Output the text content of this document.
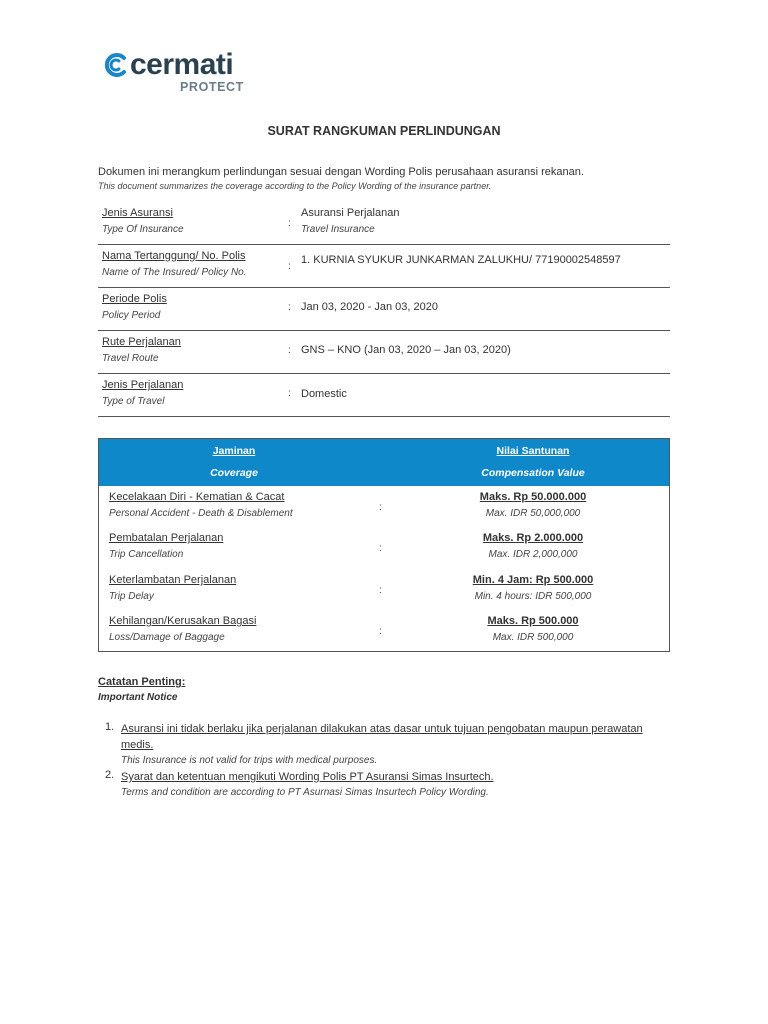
cermati
PROTECT
SURAT RANGKUMAN PERLINDUNGAN
Dokumen ini merangkum perlindungan sesuai dengan Wording Polis perusahaan asuransi rekanan.
This document summarizes the coverage according to the Policy Wording of the insurance partner.
Jenis Asuransi
Type Of Insurance
:
Asuransi Perjalanan
Travel Insurance
Nama Tertanggung/ No. Polis
Name of The Insured/ Policy No.
:
1. KURNIA SYUKUR JUNKARMAN ZALUKHU/ 77190002548597
Periode Polis
Policy Period
: Jan 03, 2020 - Jan 03, 2020
Rute Perjalanan
Travel Route
: GNS – KNO (Jan 03, 2020 – Jan 03, 2020)
Jenis Perjalanan
Type of Travel
: Domestic
Jaminan
Coverage
Nilai Santunan
Compensation Value
Kecelakaan Diri - Kematian & Cacat
Personal Accident - Death & Disablement
:
Maks. Rp 50.000.000
Max. IDR 50,000,000
Pembatalan Perjalanan
Trip Cancellation
:
Maks. Rp 2.000.000
Max. IDR 2,000,000
Keterlambatan Perjalanan
Trip Delay
:
Min. 4 Jam: Rp 500.000
Min. 4 hours: IDR 500,000
Kehilangan/Kerusakan Bagasi
Loss/Damage of Baggage
:
Maks. Rp 500.000
Max. IDR 500,000
Catatan Penting:
Important Notice
1. Asuransi ini tidak berlaku jika perjalanan dilakukan atas dasar untuk tujuan pengobatan maupun perawatan medis.
This Insurance is not valid for trips with medical purposes.
2. Syarat dan ketentuan mengikuti Wording Polis PT Asuransi Simas Insurtech.
Terms and condition are according to PT Asurnasi Simas Insurtech Policy Wording.
